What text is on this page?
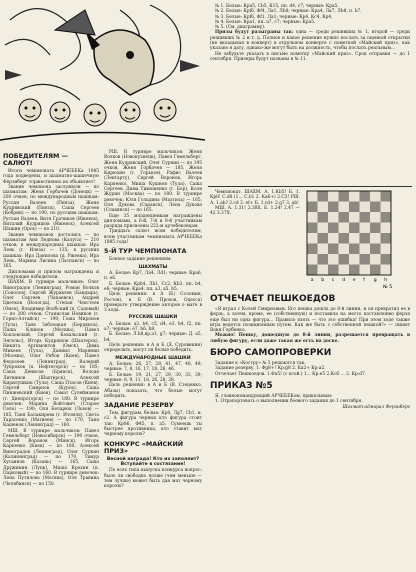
ПОБЕДИТЕЛЯМ — САЛЮТ!

Итоги чемпионата АРЧЕБЕКа 1985 года подведены, и шахматно-шашечную Ферзиберг торжественно их объявляет!

Звание чемпиона заслужили — по шахматам: Женя Горбачев (Донецк) — 200 очков; по международным шашкам: Руслан Валеев (Пенза), Женя Кудрявский (Пинск), Саша Сергеев (Кобрин) — по 190, по русским шашкам: Руслан Валеев, Витя Грачиков (Ижевск), Виталий Кудряшов (Ижевск), Алексей Шашин (Орск) — по 210.

Звание чемпионок достались — по шахматам Аня Леднова (Калуга) — 210 очков; в международных шашках: Ира Лень (г. Илеза) — 135; в русских шашках: Ира Данилова (д. Ржевка), Ира Лень, Марина Лисина (Ласпанск) — по 165.

Дипломами и призом награждены и следующие победители.

ШАХМ. В турнире мальчиков: Олег Виноградов (Ленинград), Роман Волков (Соколов), Сергей Журавлев (Бандырь), Олег Сергеев (Чапаевск), Андрей Цветков (Вологда), Степан Чекстеев (Омск), Владимир Волбский (п. Садовый) — по 200 очков; Станислав Новиков (г. Горно-Алтайск) — 190; Гоша Миронов (Тула), Таня Заблоцкая (Бердянск), Паша Клинов (Москва), Павел Хохловский, Сергей Ковальский (г. Энгельс), Игорь Кудряшов (Шахтерск), Никита Аргимонтов (Омск), Дима Микеев (Тула), Даниил Марянин (Москва), Олег Рябов (Киев), Павел Федосеев (Ленинград), Валерий Чупроков (п. Нефтегорск) — по 185; Саша Денисов (Брянск), Володя Литвинов (Шахтерск), Алексей Кирилушкин (Тула), Саша Птасов (Киев), Сергей Смирнов (Курск), Саша Пинжевский (Киев), Самат Сулейманов (г. Днепрогорск) — по 180. В турнире девочек: Марина Войтович (Старое Село) — 190; Оля Беларюк (Львов) — 185, Таня Балакирева (г. Итомля), Света Тарасенко (Матвеев) — по 170, Таня Кашенок (Ленинград) — 160.

МШ. В турнире мальчиков: Павел Гемельберг (Новосибирск) — 190 очков, Сергей Воронов (Минск), Игорь Карпенко (Киев) — по 180, Алексей Виноградов (Ленинград), Олег Суркин (Калининград) — по 170, Тимур Хусаинов (Казань) — 165, Саша Дружинин (Луцк), Миша Крохин (п. Парковый) — по 160. В турнире девочек: Лена Путилова (Москва), Оля Травина (Челябинск) — по 150.

РШ. В турнире мальчиков: Женя Волков (Новокузнецк), Павел Гемельберг, Женя Кудрявский, Олег Суркин — по 195 очков, Женя Горбачев — 185, Женя Кирюхин (г. Горьков), Рафис Валеев (Ленгарту), Сергей Воронов, Игорь Карпенко, Миша Кушнов (Тула), Саша Сергеев, Дима Тимошенко (г. Бор), Коля Журин (Москва) — по 180. В турнире девочек: Юля Гольдина (Мазгиль) — 165, Оля Дукова (Саранск), Лена Дукова (Славянск) — по 165.

Еще 35 младенцемкам награждены дипломами, а 6-й, 7-й и 8-й участникам разряда присвоены 222-м арчебековцам.

Тридцать салют всем победителям, всем участникам чемпионата АРЧЕБЕКа 1985 года!

5-Й ТУР ЧЕМПИОНАТА

Боевое задание решениям:

ШАХМАТЫ

А. Белые: Кр7, Ла4, Лd1; черные: Кра6, п. е6.

Б. Белые: Крb4, Лb1, Сс2, Кb3, пп. b4, е6; черные: Кра4, пп. а3, а5, b5.

Цель решения: в A (Б) Соломин, Ростов), в Б (В. Прохов, Одесса) проверьте утверждение авторов о мате в 3 хода.

РУССКИЕ ШАШКИ

A. Белые: a3, b4, c5, d4, e3, h4, f2, пп. a7; черные: e7, h6, h8.

Б. Белые: Л.h8,вр.а1, g7; черные: Д. a5, b4.

Цель решения: в A и Б (Д. Суровикин) определить, могут ли белые победить.

МЕЖДУНАРОДНЫЕ ШАШКИ

А. Белые: 26, 27, 28, 41, 47, 48, 49; черные: 7, 8, 16, 17, 18, 26, 46.

Б. Белые: 19, 21, 27, 29, 30, 33, 39; черные: 8, 9, 11, 18, 26, 28, 38.

Цель решения: в A и Б (В. Стеценко, Абазы) показать, что белые могут победить.

ЗАДАНИЕ РЕЗЕРВУ

Тем, фигурам, белые: Кр8, Лg7, Сb1. и. с2. А фигура черных кто фигура стоит так: Кр86, Ф45, п. а5. Сумеешь ты быстрее противника, кто ставит мат черному королю?

КОНКУРС «МАЙСКИЙ ПРИЗ»
Весной награда! Кто их заполнит? Вступайте в состязание!

По всех типа выпуска конкурса вопрос: было ли свободно позже (чем меньше — тем лучше) может быть дан мат черному королю?

№ 1. Белые: Кра5, Сb5, К15, пп. d4, с7; черные: Кра5.

№ 2. Белые: Крf6, Фf4, Ла1, Лb8; черные: Кра4, Ла7, Лb8, п. b7.

№ 3. Белые: Крf6, Фf1, Ла1; черные: Кр4, Кс4, Кр4.

№ 4. Белые: Кра1, пп. а7, с7; черные: Кра5.

№ 5. (См. диаграмму).

Призы будут разыграны так: одна — среди решивших № 1, второй — среди решивших № 2 и т. д. Полное и какое решение нужно послать за оценкой открытки (не вкладывая в конверт) в отдельном конверте с пометкой «Майский приз», как указано в дату, однако-же могут быть на должность, чтобы послать реальным...

Не забудьте указать в письме пометку «Майский приз». Срок отправки — до 1 сентября. Призеры будут названы в № 11.

Чемпионат. ШАХМ. А. 1.Кb5! Б. 1. Кр8! С.d8 (1... С.b1 2. Ка6+) 2.С3! РШ. А. 1.ab? 2.cd 3. ef+ Б. 1.cd+ 2.g7 3. ab!

МШ. А. 1.31! 2.38X. Б. 1.24! 2.47 — 42 3.37Х.

а b c d e f g h
№ 5
ОТЧЕЧАЕТ ПЕШКОЕДОВ

«Я играл с Колей Смирновым. Его пешка дошла до 8-й линии, и он превратил ее в ферзь, а затем, кроме, ее (собственную) и поставила на место поставлению ферзя еще был ни одна фигура... Правило взять — что это ошибка! При этом ходе также игра ведется позиционным путем. Как же быть с собственной пешкой?» — пишет Ваня Горбенко.

Можно! Пешку, дошедшую до 8-й линии, разрешается превращать в любую фигуру, если даже такая же есть на доске.

БЮРО САМОПРОВЕРКИ

Задание к «Костру» № 3 решаются так.

Задание резерву. 1. Фg8+! Кр:g8 2. Ka2+ Кр:а2.

Отчечает Пешкоедов. 1.Фa5! (с ксой.) 1... Кр:е5 2.Кс6 ... 2. Кр:d7.

ПРИКАЗ №5

Я, главнокомандующий АРЧЕБЕКом, приказываю:

1. Отрапортовать о выполнении боевого задания до 1 сентября.

Шахмат-адмирал Ферзиберг
